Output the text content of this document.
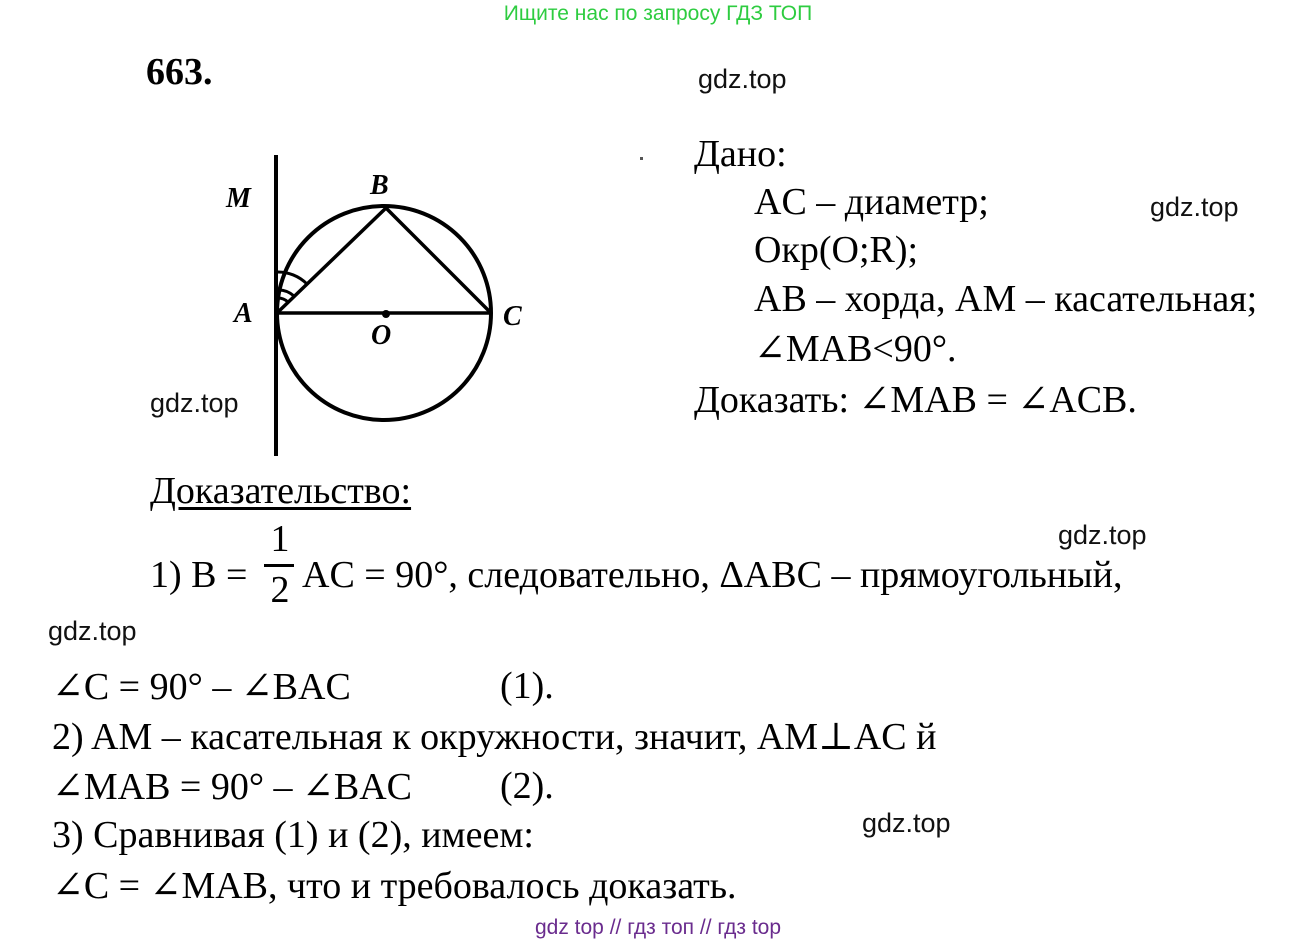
Ищите нас по запросу ГДЗ ТОП
663.	gdz.top
gdz.top
gdz.top
gdz.top
gdz.top
gdz.top
M	B
A
O
C
Дано:
AC – диаметр;
Окр(O;R);
AB – хорда, AM – касательная;
∠MAB<90°.
Доказать: ∠MAB = ∠ACB.
Доказательство:
1) B =
1
2 AC = 90°, следовательно, ΔABC – прямоугольный,
∠C = 90° – ∠BAC	(1).
2) AM – касательная к окружности, значит, AM⊥AC й
∠MAB = 90° – ∠BAC (2).
3) Сравнивая (1) и (2), имеем:
∠C = ∠MAB, что и требовалось доказать.
gdz top // гдз топ // гдз top
